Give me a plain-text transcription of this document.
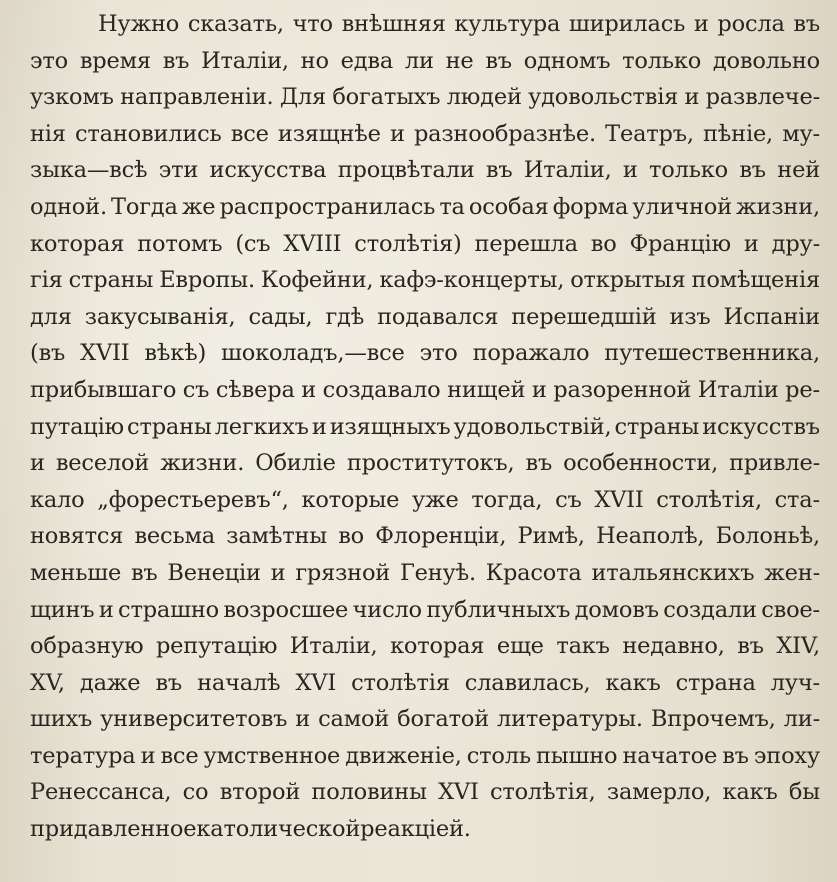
Нужно сказать, что внѣшняя культура ширилась и росла въ
это время въ Италіи, но едва ли не въ одномъ только довольно
узкомъ направленіи. Для богатыхъ людей удовольствія и развлече-
нія становились все изящнѣе и разнообразнѣе. Театръ, пѣніе, му-
зыка—всѣ эти искусства процвѣтали въ Италіи, и только въ ней
одной. Тогда же распространилась та особая форма уличной жизни,
которая потомъ (съ XVIII столѣтія) перешла во Францію и дру-
гія страны Европы. Кофейни, кафэ-концерты, открытыя помѣщенія
для закусыванія, сады, гдѣ подавался перешедшій изъ Испаніи
(въ XVII вѣкѣ) шоколадъ,—все это поражало путешественника,
прибывшаго съ сѣвера и создавало нищей и разоренной Италіи ре-
путацію страны легкихъ и изящныхъ удовольствій, страны искусствъ
и веселой жизни. Обиліе проститутокъ, въ особенности, привле-
кало „форестьеревъ“, которые уже тогда, съ XVII столѣтія, ста-
новятся весьма замѣтны во Флоренціи, Римѣ, Неаполѣ, Болоньѣ,
меньше въ Венеціи и грязной Генуѣ. Красота итальянскихъ жен-
щинъ и страшно возросшее число публичныхъ домовъ создали свое-
образную репутацію Италіи, которая еще такъ недавно, въ XIV,
XV, даже въ началѣ XVI столѣтія славилась, какъ страна луч-
шихъ университетовъ и самой богатой литературы. Впрочемъ, ли-
тература и все умственное движеніе, столь пышно начатое въ эпоху
Ренессанса, со второй половины XVI столѣтія, замерло, какъ бы
придавленное католической реакціей.
